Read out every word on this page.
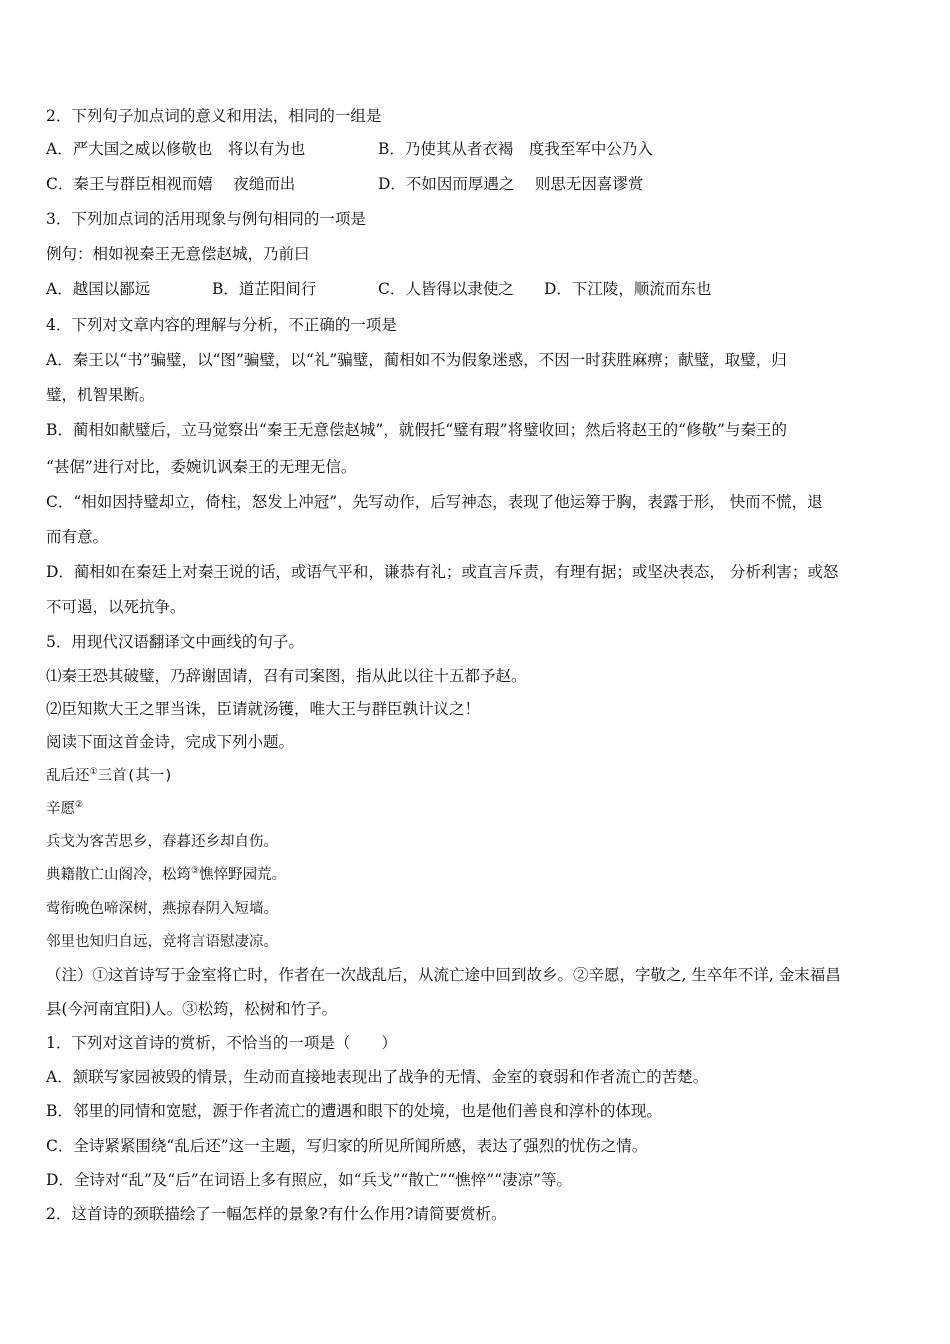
2．下列句子加点词的意义和用法，相同的一组是
A．严大国之威以修敬也　将以有为也	B．乃使其从者衣褐　度我至军中公乃入
C．秦王与群臣相视而嬉　 夜缒而出	D．不如因而厚遇之　 则思无因喜谬赏
3．下列加点词的活用现象与例句相同的一项是
例句：相如视秦王无意偿赵城，乃前曰
A．越国以鄙远	B．道芷阳间行	C．人皆得以隶使之 D．下江陵，顺流而东也
4．下列对文章内容的理解与分析，不正确的一项是
A．秦王以“书”骗璧，以“图”骗璧，以“礼”骗璧，蔺相如不为假象迷惑，不因一时获胜麻痹；献璧，取璧，归
璧，机智果断。
B．蔺相如献璧后，立马觉察出“秦王无意偿赵城”，就假托“璧有瑕”将璧收回；然后将赵王的“修敬”与秦王的
“甚倨”进行对比，委婉讥讽秦王的无理无信。
C．“相如因持璧却立，倚柱，怒发上冲冠”，先写动作，后写神态，表现了他运筹于胸，表露于形， 快而不慌，退
而有意。
D．蔺相如在秦廷上对秦王说的话，或语气平和，谦恭有礼；或直言斥责，有理有据；或坚决表态， 分析利害；或怒
不可遏，以死抗争。
5．用现代汉语翻译文中画线的句子。
⑴秦王恐其破璧，乃辞谢固请，召有司案图，指从此以往十五都予赵。
⑵臣知欺大王之罪当诛，臣请就汤镬，唯大王与群臣孰计议之！
阅读下面这首金诗，完成下列小题。
乱后还①三首(其一)
辛愿②
兵戈为客苦思乡，春暮还乡却自伤。
典籍散亡山阁冷，松筠③憔悴野园荒。
莺衔晚色啼深树，燕掠春阴入短墙。
邻里也知归自远，竞将言语慰凄凉。
（注）①这首诗写于金室将亡时，作者在一次战乱后，从流亡途中回到故乡。②辛愿，字敬之, 生卒年不详, 金末福昌
县(今河南宜阳)人。③松筠，松树和竹子。
1．下列对这首诗的赏析，不恰当的一项是（　　）
A．颔联写家园被毁的情景，生动而直接地表现出了战争的无情、金室的衰弱和作者流亡的苦楚。
B．邻里的同情和宽慰，源于作者流亡的遭遇和眼下的处境，也是他们善良和淳朴的体现。
C．全诗紧紧围绕“乱后还”这一主题，写归家的所见所闻所感，表达了强烈的忧伤之情。
D．全诗对“乱”及“后”在词语上多有照应，如“兵戈”“散亡”“憔悴”“凄凉”等。
2．这首诗的颈联描绘了一幅怎样的景象?有什么作用?请简要赏析。
